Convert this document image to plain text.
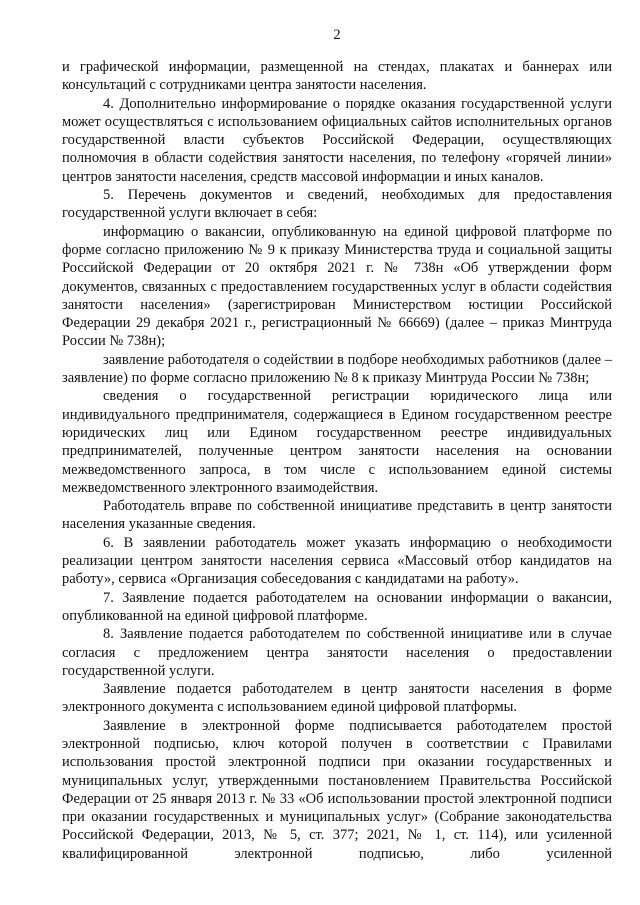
2

и графической информации, размещенной на стендах, плакатах и баннерах или консультаций с сотрудниками центра занятости населения.

4. Дополнительно информирование о порядке оказания государственной услуги может осуществляться с использованием официальных сайтов исполнительных органов государственной власти субъектов Российской Федерации, осуществляющих полномочия в области содействия занятости населения, по телефону «горячей линии» центров занятости населения, средств массовой информации и иных каналов.

5. Перечень документов и сведений, необходимых для предоставления государственной услуги включает в себя:

информацию о вакансии, опубликованную на единой цифровой платформе по форме согласно приложению № 9 к приказу Министерства труда и социальной защиты Российской Федерации от 20 октября 2021 г. № 738н «Об утверждении форм документов, связанных с предоставлением государственных услуг в области содействия занятости населения» (зарегистрирован Министерством юстиции Российской Федерации 29 декабря 2021 г., регистрационный № 66669) (далее – приказ Минтруда России № 738н);

заявление работодателя о содействии в подборе необходимых работников (далее – заявление) по форме согласно приложению № 8 к приказу Минтруда России № 738н;

сведения о государственной регистрации юридического лица или индивидуального предпринимателя, содержащиеся в Едином государственном реестре юридических лиц или Едином государственном реестре индивидуальных предпринимателей, полученные центром занятости населения на основании межведомственного запроса, в том числе с использованием единой системы межведомственного электронного взаимодействия.

Работодатель вправе по собственной инициативе представить в центр занятости населения указанные сведения.

6. В заявлении работодатель может указать информацию о необходимости реализации центром занятости населения сервиса «Массовый отбор кандидатов на работу», сервиса «Организация собеседования с кандидатами на работу».

7. Заявление подается работодателем на основании информации о вакансии, опубликованной на единой цифровой платформе.

8. Заявление подается работодателем по собственной инициативе или в случае согласия с предложением центра занятости населения о предоставлении государственной услуги.

Заявление подается работодателем в центр занятости населения в форме электронного документа с использованием единой цифровой платформы.

Заявление в электронной форме подписывается работодателем простой электронной подписью, ключ которой получен в соответствии с Правилами использования простой электронной подписи при оказании государственных и муниципальных услуг, утвержденными постановлением Правительства Российской Федерации от 25 января 2013 г. № 33 «Об использовании простой электронной подписи при оказании государственных и муниципальных услуг» (Собрание законодательства Российской Федерации, 2013, № 5, ст. 377; 2021, № 1, ст. 114), или усиленной квалифицированной электронной подписью, либо усиленной
